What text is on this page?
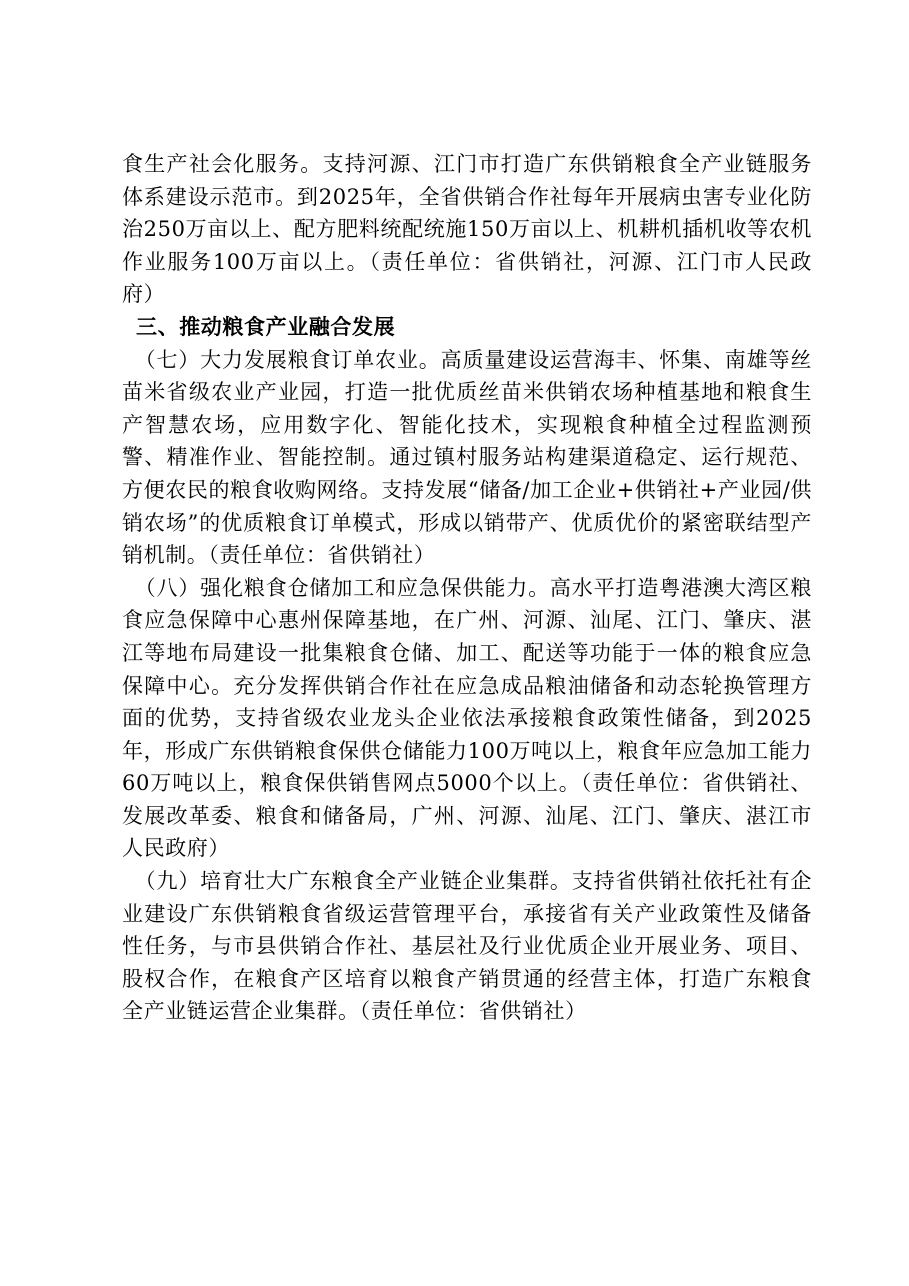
食生产社会化服务。支持河源、江门市打造广东供销粮食全产业链服务体系建设示范市。到2025年，全省供销合作社每年开展病虫害专业化防治250万亩以上、配方肥料统配统施150万亩以上、机耕机插机收等农机作业服务100万亩以上。（责任单位：省供销社，河源、江门市人民政府）

三、推动粮食产业融合发展

（七）大力发展粮食订单农业。高质量建设运营海丰、怀集、南雄等丝苗米省级农业产业园，打造一批优质丝苗米供销农场种植基地和粮食生产智慧农场，应用数字化、智能化技术，实现粮食种植全过程监测预警、精准作业、智能控制。通过镇村服务站构建渠道稳定、运行规范、方便农民的粮食收购网络。支持发展“储备/加工企业+供销社+产业园/供销农场”的优质粮食订单模式，形成以销带产、优质优价的紧密联结型产销机制。（责任单位：省供销社）

（八）强化粮食仓储加工和应急保供能力。高水平打造粤港澳大湾区粮食应急保障中心惠州保障基地，在广州、河源、汕尾、江门、肇庆、湛江等地布局建设一批集粮食仓储、加工、配送等功能于一体的粮食应急保障中心。充分发挥供销合作社在应急成品粮油储备和动态轮换管理方面的优势，支持省级农业龙头企业依法承接粮食政策性储备，到2025年，形成广东供销粮食保供仓储能力100万吨以上，粮食年应急加工能力60万吨以上，粮食保供销售网点5000个以上。（责任单位：省供销社、发展改革委、粮食和储备局，广州、河源、汕尾、江门、肇庆、湛江市人民政府）

（九）培育壮大广东粮食全产业链企业集群。支持省供销社依托社有企业建设广东供销粮食省级运营管理平台，承接省有关产业政策性及储备性任务，与市县供销合作社、基层社及行业优质企业开展业务、项目、股权合作，在粮食产区培育以粮食产销贯通的经营主体，打造广东粮食全产业链运营企业集群。（责任单位：省供销社）
